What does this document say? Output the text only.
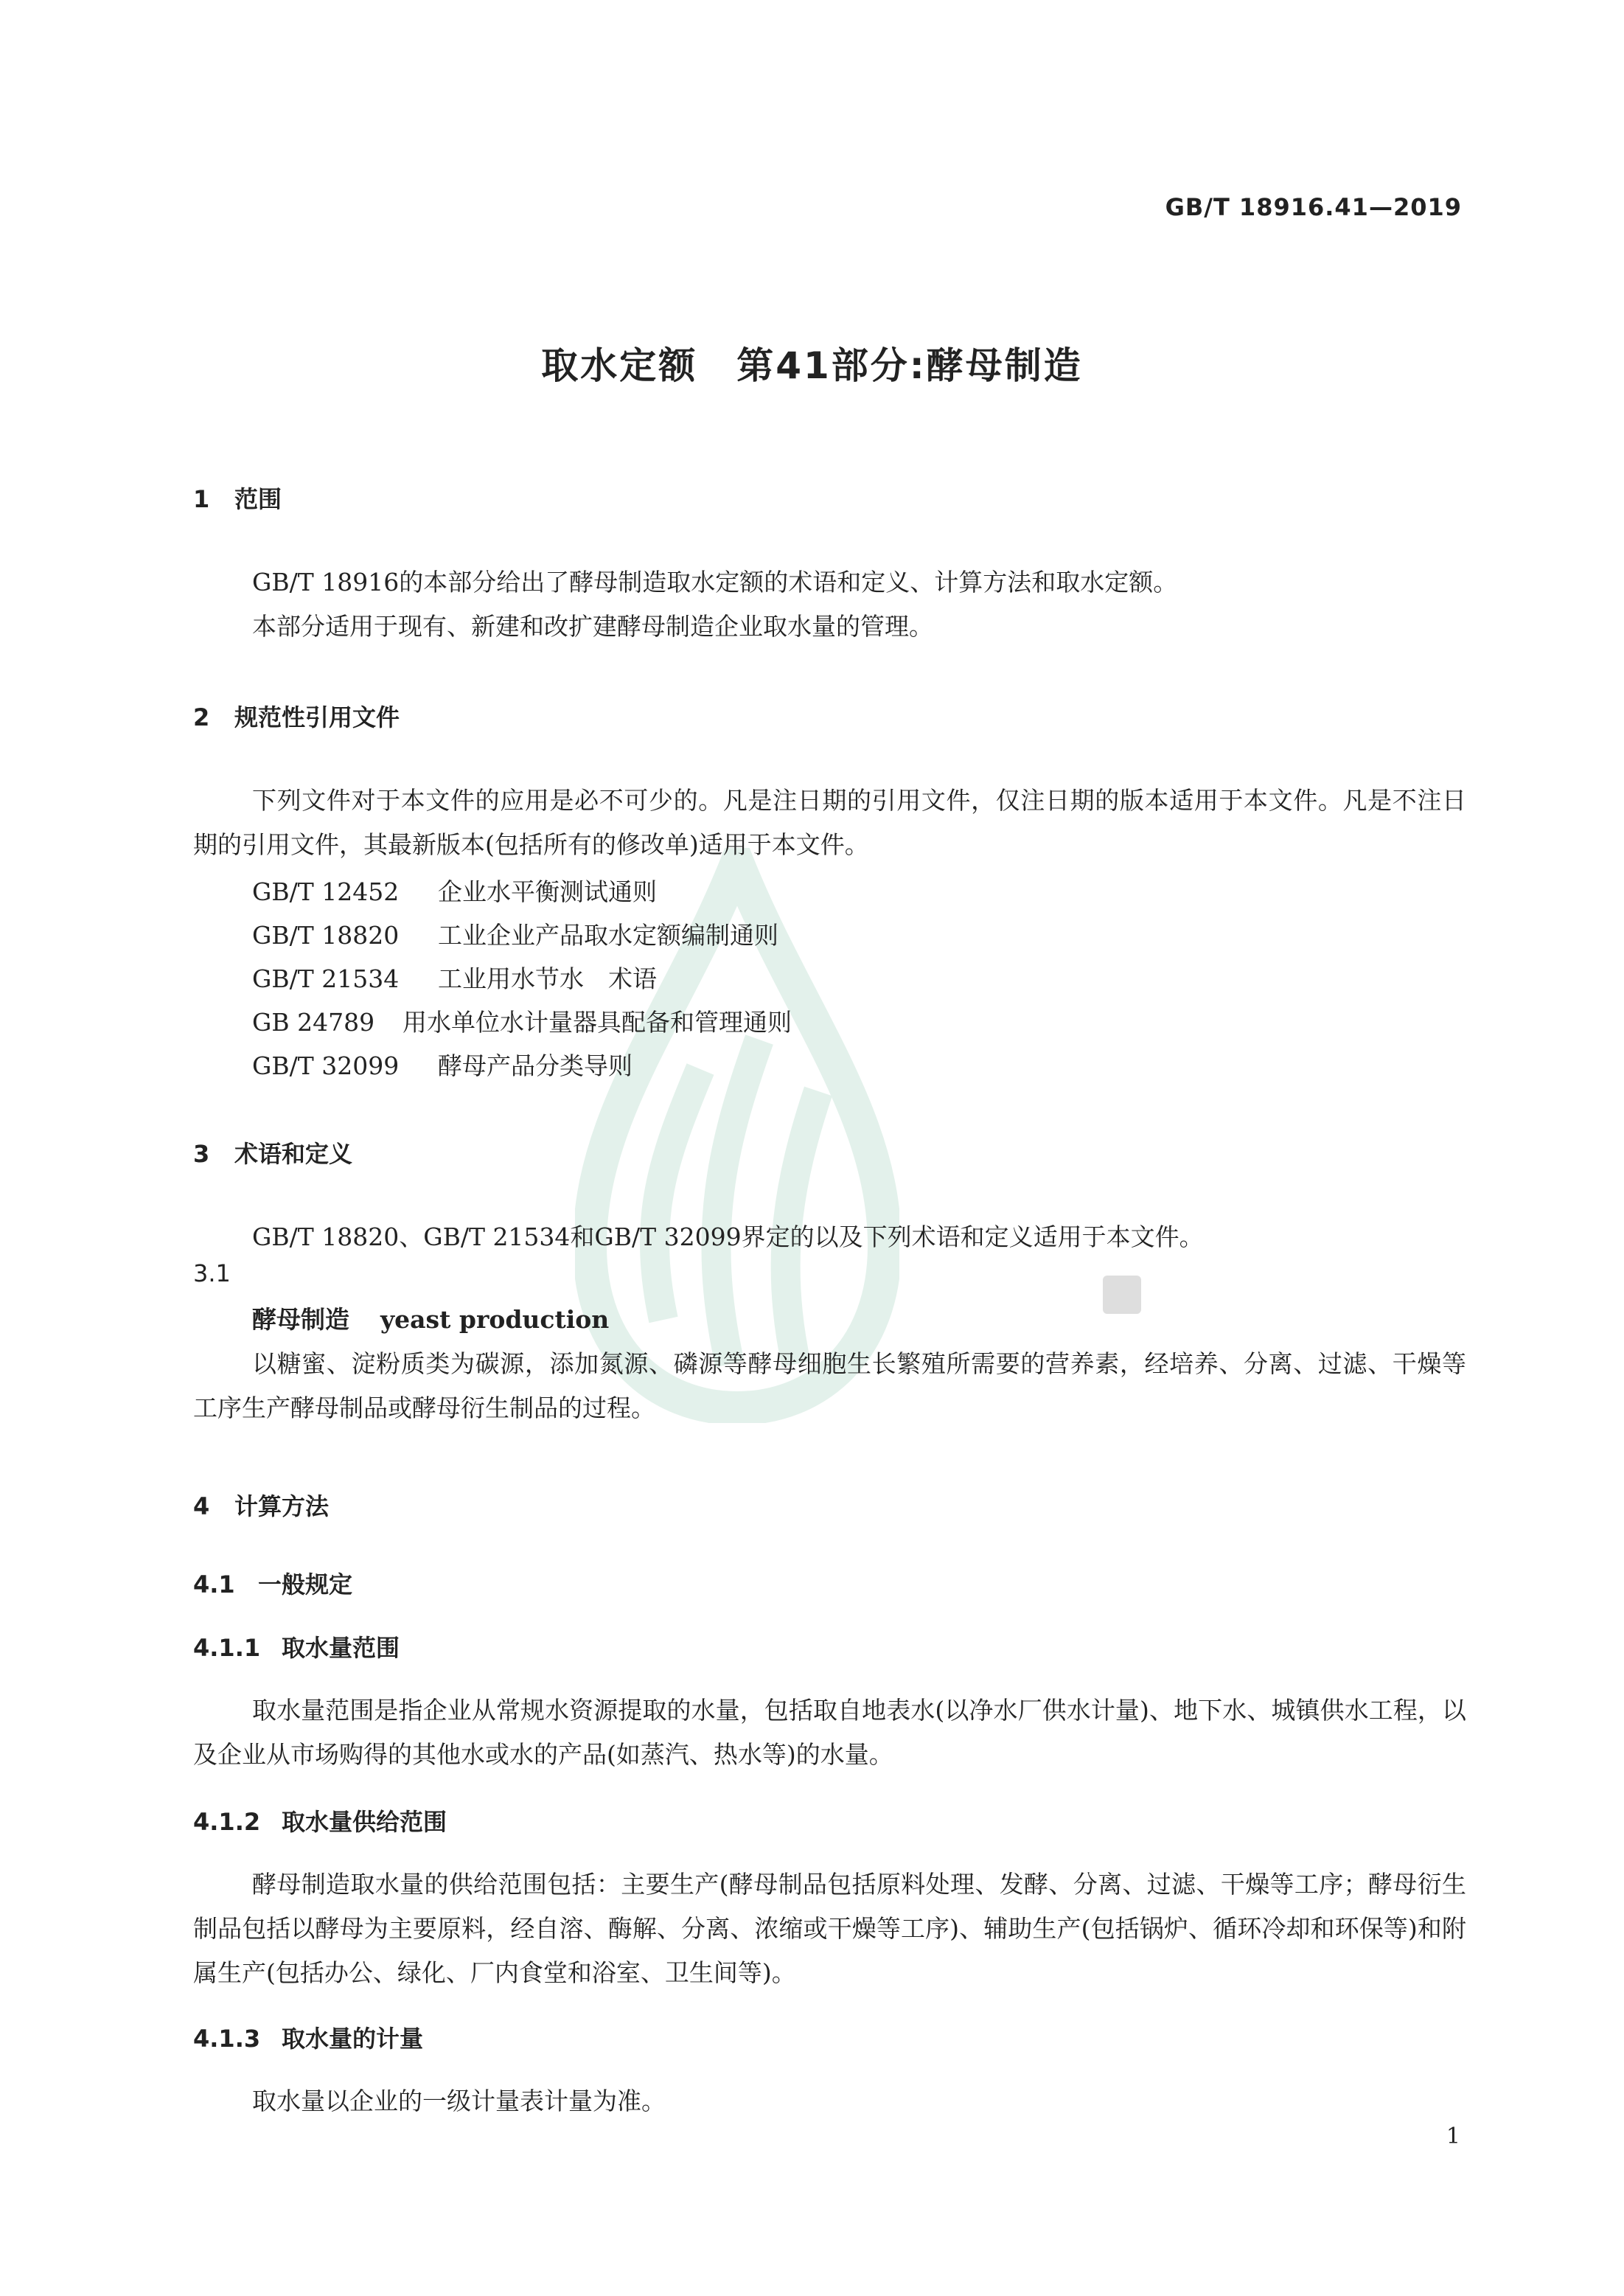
GB/T 18916.41—2019
取水定额　第41部分:酵母制造
1 范围
GB/T 18916的本部分给出了酵母制造取水定额的术语和定义、计算方法和取水定额。
本部分适用于现有、新建和改扩建酵母制造企业取水量的管理。
2 规范性引用文件
下列文件对于本文件的应用是必不可少的。凡是注日期的引用文件，仅注日期的版本适用于本文件。凡是不注日期的引用文件，其最新版本(包括所有的修改单)适用于本文件。
GB/T 12452 企业水平衡测试通则
GB/T 18820 工业企业产品取水定额编制通则
GB/T 21534 工业用水节水　术语
GB 24789 用水单位水计量器具配备和管理通则
GB/T 32099 酵母产品分类导则
3 术语和定义
GB/T 18820、GB/T 21534和GB/T 32099界定的以及下列术语和定义适用于本文件。
3.1
酵母制造 yeast production
以糖蜜、淀粉质类为碳源，添加氮源、磷源等酵母细胞生长繁殖所需要的营养素，经培养、分离、过滤、干燥等工序生产酵母制品或酵母衍生制品的过程。
4 计算方法
4.1 一般规定
4.1.1 取水量范围
取水量范围是指企业从常规水资源提取的水量，包括取自地表水(以净水厂供水计量)、地下水、城镇供水工程，以及企业从市场购得的其他水或水的产品(如蒸汽、热水等)的水量。
4.1.2 取水量供给范围
酵母制造取水量的供给范围包括：主要生产(酵母制品包括原料处理、发酵、分离、过滤、干燥等工序；酵母衍生制品包括以酵母为主要原料，经自溶、酶解、分离、浓缩或干燥等工序)、辅助生产(包括锅炉、循环冷却和环保等)和附属生产(包括办公、绿化、厂内食堂和浴室、卫生间等)。
4.1.3 取水量的计量
取水量以企业的一级计量表计量为准。
1
